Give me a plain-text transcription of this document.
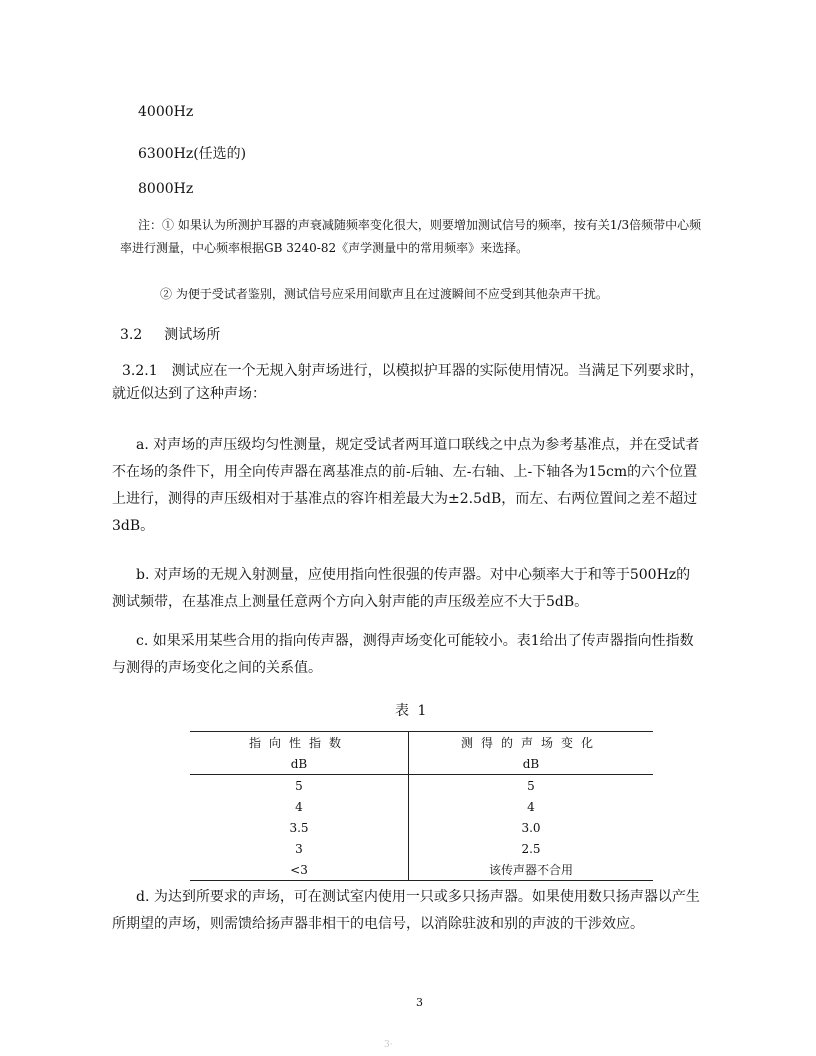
4000Hz
6300Hz(任选的)
8000Hz
注：① 如果认为所测护耳器的声衰减随频率变化很大，则要增加测试信号的频率，按有关1/3倍频带中心频率进行测量，中心频率根据GB 3240-82《声学测量中的常用频率》来选择。
② 为便于受试者鉴别，测试信号应采用间歇声且在过渡瞬间不应受到其他杂声干扰。
3.2 测试场所
3.2.1　测试应在一个无规入射声场进行，以模拟护耳器的实际使用情况。当满足下列要求时，就近似达到了这种声场：
a. 对声场的声压级均匀性测量，规定受试者两耳道口联线之中点为参考基准点，并在受试者不在场的条件下，用全向传声器在离基准点的前-后轴、左-右轴、上-下轴各为15cm的六个位置上进行，测得的声压级相对于基准点的容许相差最大为±2.5dB，而左、右两位置间之差不超过3dB。
b. 对声场的无规入射测量，应使用指向性很强的传声器。对中心频率大于和等于500Hz的测试频带，在基准点上测量任意两个方向入射声能的声压级差应不大于5dB。
c. 如果采用某些合用的指向传声器，测得声场变化可能较小。表1给出了传声器指向性指数与测得的声场变化之间的关系值。
表 1
指向性指数	测得的声场变化
dB	dB
5	5
4	4
3.5	3.0
3	2.5
<3	该传声器不合用
d. 为达到所要求的声场，可在测试室内使用一只或多只扬声器。如果使用数只扬声器以产生所期望的声场，则需馈给扬声器非相干的电信号，以消除驻波和别的声波的干涉效应。
3
3·
